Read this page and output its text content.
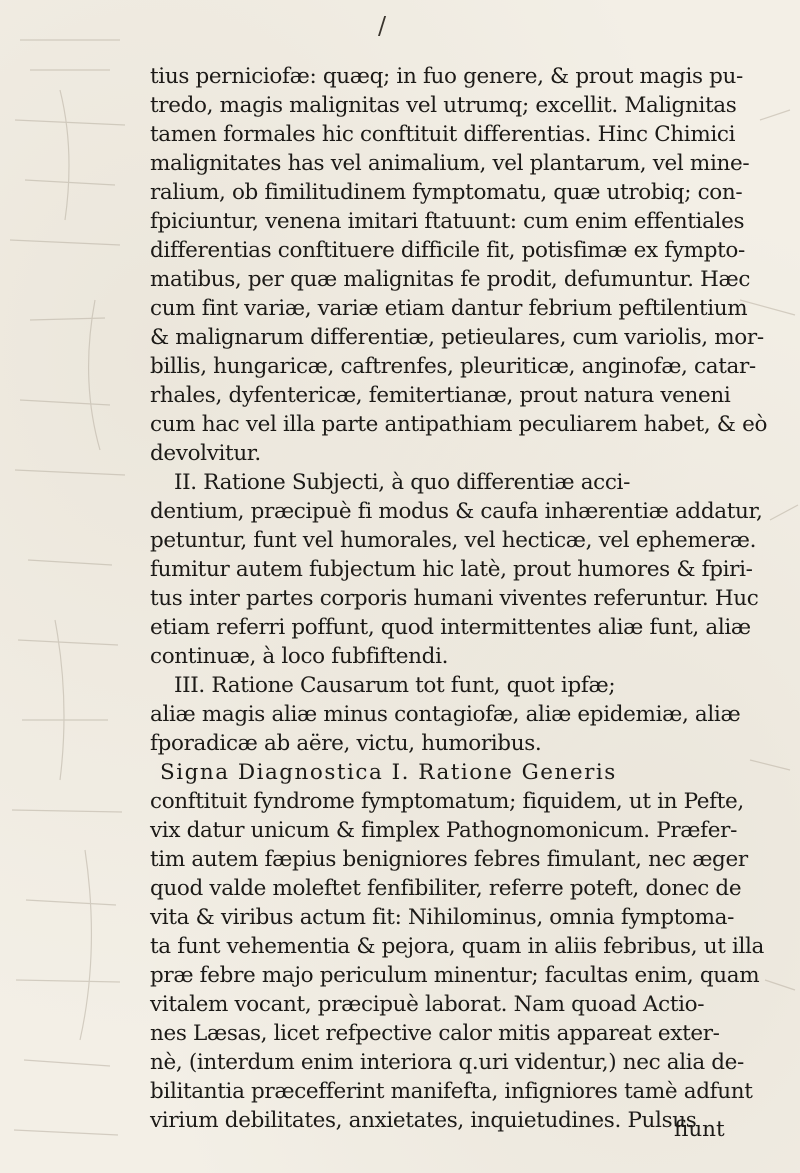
/
tius perniciofæ: quæq; in fuo genere, & prout magis pu-
tredo, magis malignitas vel utrumq; excellit. Malignitas
tamen formales hic conftituit differentias. Hinc Chimici
malignitates has vel animalium, vel plantarum, vel mine-
ralium, ob fimilitudinem fymptomatu, quæ utrobiq; con-
fpiciuntur, venena imitari ftatuunt: cum enim effentiales
differentias conftituere difficile fit, potisfimæ ex fympto-
matibus, per quæ malignitas fe prodit, defumuntur. Hæc
cum fint variæ, variæ etiam dantur febrium peftilentium
& malignarum differentiæ, petieulares, cum variolis, mor-
billis, hungaricæ, caftrenfes, pleuriticæ, anginofæ, catar-
rhales, dyfentericæ, femitertianæ, prout natura veneni
cum hac vel illa parte antipathiam peculiarem habet, & eò
devolvitur.
II. Ratione Subjecti, à quo differentiæ acci-
dentium, præcipuè fi modus & caufa inhærentiæ addatur,
petuntur, funt vel humorales, vel hecticæ, vel ephemeræ.
fumitur autem fubjectum hic latè, prout humores & fpiri-
tus inter partes corporis humani viventes referuntur. Huc
etiam referri poffunt, quod intermittentes aliæ funt, aliæ
continuæ, à loco fubfiftendi.
III. Ratione Causarum tot funt, quot ipfæ;
aliæ magis aliæ minus contagiofæ, aliæ epidemiæ, aliæ
fporadicæ ab aëre, victu, humoribus.
Signa Diagnostica I. Ratione Generis
conftituit fyndrome fymptomatum; fiquidem, ut in Pefte,
vix datur unicum & fimplex Pathognomonicum. Præfer-
tim autem fæpius benigniores febres fimulant, nec æger
quod valde moleftet fenfibiliter, referre poteft, donec de
vita & viribus actum fit: Nihilominus, omnia fymptoma-
ta funt vehementia & pejora, quam in aliis febribus, ut illa
præ febre majo periculum minentur; facultas enim, quam
vitalem vocant, præcipuè laborat. Nam quoad Actio-
nes Læsas, licet refpective calor mitis appareat exter-
nè, (interdum enim interiora q.uri videntur,) nec alia de-
bilitantia præcefferint manifefta, infigniores tamè adfunt
virium debilitates, anxietates, inquietudines. Pulsus
fiunt
